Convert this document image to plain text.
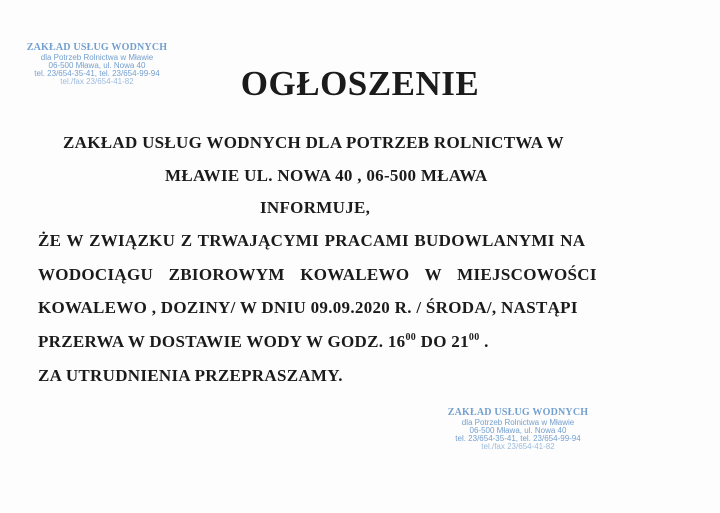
ZAKŁAD USŁUG WODNYCH
dla Potrzeb Rolnictwa w Mławie
06-500 Mława, ul. Nowa 40
tel. 23/654-35-41, tel. 23/654-99-94
tel./fax 23/654-41-82	OGŁOSZENIE
ZAKŁAD USŁUG WODNYCH DLA POTRZEB ROLNICTWA W
MŁAWIE UL. NOWA 40 , 06-500 MŁAWA
INFORMUJE,
ŻE W ZWIĄZKU Z TRWAJĄCYMI PRACAMI BUDOWLANYMI NA
WODOCIĄGU ZBIOROWYM KOWALEWO W MIEJSCOWOŚCI
KOWALEWO , DOZINY/ W DNIU 09.09.2020 R. / ŚRODA/, NASTĄPI
PRZERWA W DOSTAWIE WODY W GODZ. $16^{00}$ DO $21^{00}$ .
ZA UTRUDNIENIA PRZEPRASZAMY.
ZAKŁAD USŁUG WODNYCH
dla Potrzeb Rolnictwa w Mławie
06-500 Mława, ul. Nowa 40
tel. 23/654-35-41, tel. 23/654-99-94
tel./fax 23/654-41-82
